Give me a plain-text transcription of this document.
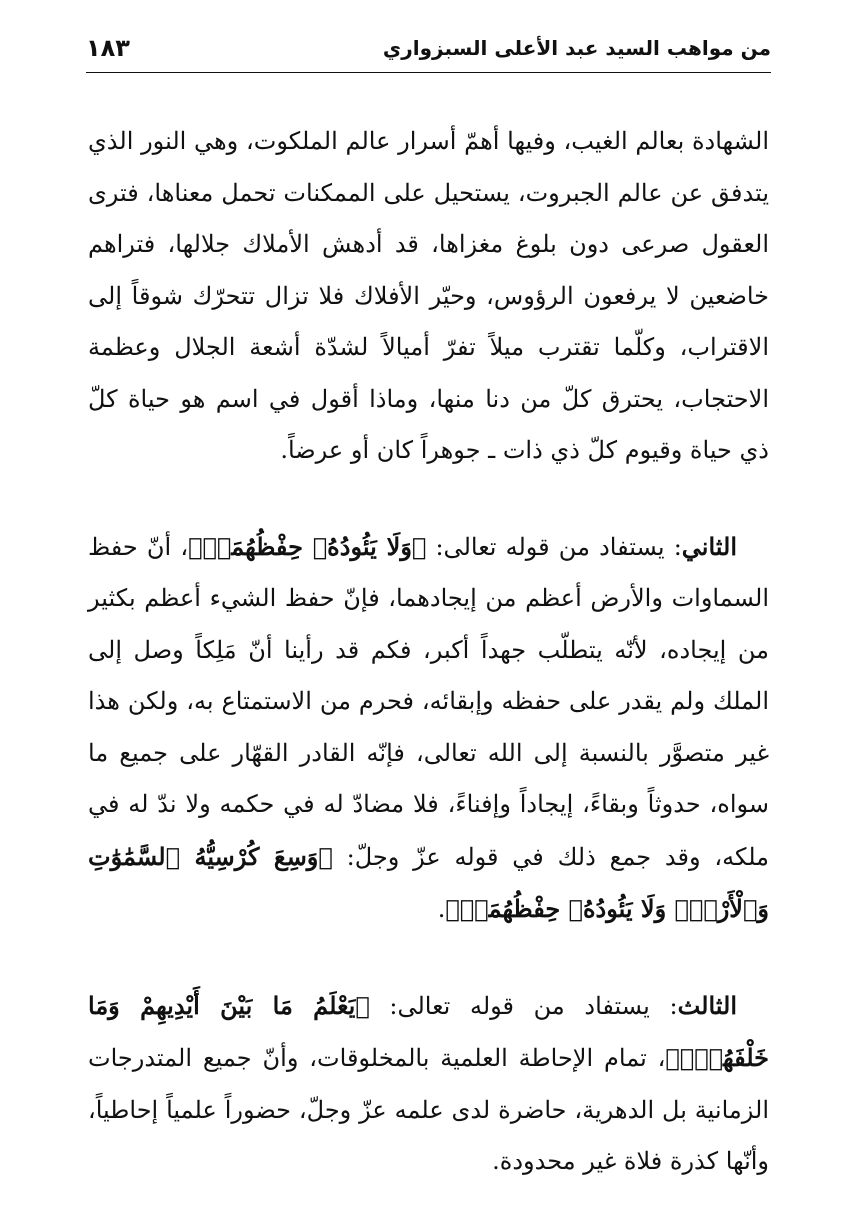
من مواهب السيد عبد الأعلى السبزواري
١٨٣

الشهادة بعالم الغيب، وفيها أهمّ أسرار عالم الملكوت، وهي النور الذي يتدفق عن عالم الجبروت، يستحيل على الممكنات تحمل معناها، فترى العقول صرعى دون بلوغ مغزاها، قد أدهش الأملاك جلالها، فتراهم خاضعين لا يرفعون الرؤوس، وحيّر الأفلاك فلا تزال تتحرّك شوقاً إلى الاقتراب، وكلّما تقترب ميلاً تفرّ أميالاً لشدّة أشعة الجلال وعظمة الاحتجاب، يحترق كلّ من دنا منها، وماذا أقول في اسم هو حياة كلّ ذي حياة وقيوم كلّ ذي ذات ـ جوهراً كان أو عرضاً.

الثاني: يستفاد من قوله تعالى: ﴿وَلَا يَئُودُهُۥ حِفْظُهُمَاۚ﴾، أنّ حفظ السماوات والأرض أعظم من إيجادهما، فإنّ حفظ الشيء أعظم بكثير من إيجاده، لأنّه يتطلّب جهداً أكبر، فكم قد رأينا أنّ مَلِكاً وصل إلى الملك ولم يقدر على حفظه وإبقائه، فحرم من الاستمتاع به، ولكن هذا غير متصوَّر بالنسبة إلى الله تعالى، فإنّه القادر القهّار على جميع ما سواه، حدوثاً وبقاءً، إيجاداً وإفناءً، فلا مضادّ له في حكمه ولا ندّ له في ملكه، وقد جمع ذلك في قوله عزّ وجلّ: ﴿وَسِعَ كُرْسِيُّهُ ٱلسَّمَٰوَٰتِ وَٱلْأَرْضَۖ وَلَا يَئُودُهُۥ حِفْظُهُمَاۚ﴾.

الثالث: يستفاد من قوله تعالى: ﴿يَعْلَمُ مَا بَيْنَ أَيْدِيهِمْ وَمَا خَلْفَهُمْۖ﴾، تمام الإحاطة العلمية بالمخلوقات، وأنّ جميع المتدرجات الزمانية بل الدهرية، حاضرة لدى علمه عزّ وجلّ، حضوراً علمياً إحاطياً، وأنّها كذرة فلاة غير محدودة.
